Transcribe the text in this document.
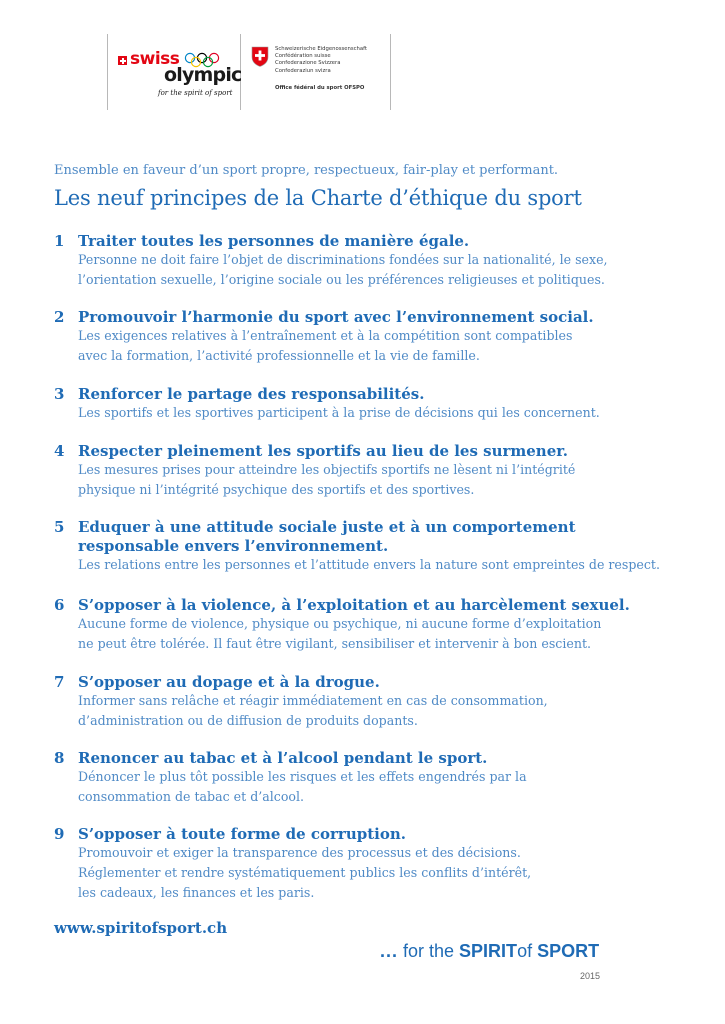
swiss
olympic
for the spirit of sport
Schweizerische Eidgenossenschaft
Confédération suisse
Confederazione Svizzera
Confederaziun svizra
Office fédéral du sport OFSPO
Ensemble en faveur d’un sport propre, respectueux, fair-play et performant.
Les neuf principes de la Charte d’éthique du sport
1 Traiter toutes les personnes de manière égale.
Personne ne doit faire l’objet de discriminations fondées sur la nationalité, le sexe,
l’orientation sexuelle, l’origine sociale ou les préférences religieuses et politiques.
2 Promouvoir l’harmonie du sport avec l’environnement social.
Les exigences relatives à l’entraînement et à la compétition sont compatibles
avec la formation, l’activité professionnelle et la vie de famille.
3 Renforcer le partage des responsabilités.
Les sportifs et les sportives participent à la prise de décisions qui les concernent.
4 Respecter pleinement les sportifs au lieu de les surmener.
Les mesures prises pour atteindre les objectifs sportifs ne lèsent ni l’intégrité
physique ni l’intégrité psychique des sportifs et des sportives.
5 Eduquer à une attitude sociale juste et à un comportement
responsable envers l’environnement.
Les relations entre les personnes et l’attitude envers la nature sont empreintes de respect.
6 S’opposer à la violence, à l’exploitation et au harcèlement sexuel.
Aucune forme de violence, physique ou psychique, ni aucune forme d’exploitation
ne peut être tolérée. Il faut être vigilant, sensibiliser et intervenir à bon escient.
7 S’opposer au dopage et à la drogue.
Informer sans relâche et réagir immédiatement en cas de consommation,
d’administration ou de diffusion de produits dopants.
8 Renoncer au tabac et à l’alcool pendant le sport.
Dénoncer le plus tôt possible les risques et les effets engendrés par la
consommation de tabac et d’alcool.
9 S’opposer à toute forme de corruption.
Promouvoir et exiger la transparence des processus et des décisions.
Réglementer et rendre systématiquement publics les conflits d’intérêt,
les cadeaux, les finances et les paris.
www.spiritofsport.ch
... for the SPIRITof SPORT
2015
